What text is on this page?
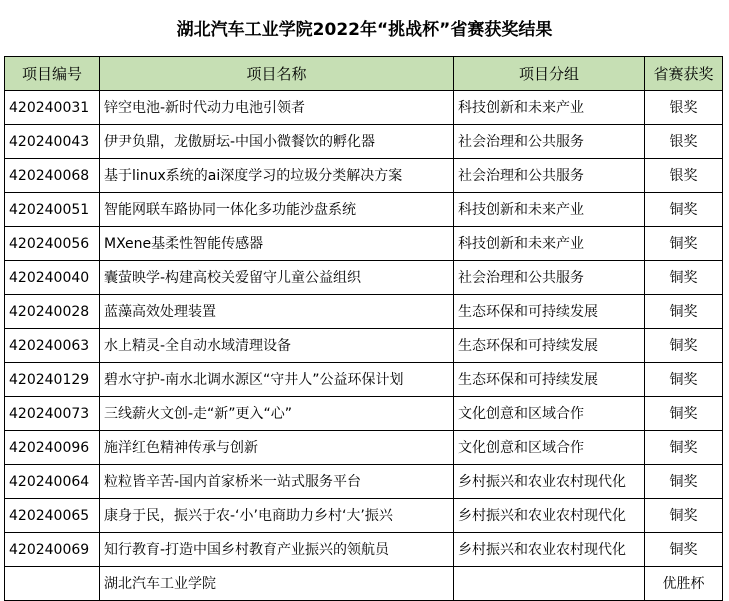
湖北汽车工业学院2022年“挑战杯”省赛获奖结果
项目编号	项目名称	项目分组	省赛获奖
420240031	锌空电池-新时代动力电池引领者	科技创新和未来产业	银奖
420240043	伊尹负鼎，龙傲厨坛-中国小微餐饮的孵化器	社会治理和公共服务	银奖
420240068	基于linux系统的ai深度学习的垃圾分类解决方案	社会治理和公共服务	银奖
420240051	智能网联车路协同一体化多功能沙盘系统	科技创新和未来产业	铜奖
420240056	MXene基柔性智能传感器	科技创新和未来产业	铜奖
420240040	囊萤映学-构建高校关爱留守儿童公益组织	社会治理和公共服务	铜奖
420240028	蓝藻高效处理装置	生态环保和可持续发展	铜奖
420240063	水上精灵-全自动水域清理设备	生态环保和可持续发展	铜奖
420240129	碧水守护-南水北调水源区“守井人”公益环保计划	生态环保和可持续发展	铜奖
420240073	三线薪火文创-走“新”更入“心”	文化创意和区域合作	铜奖
420240096	施洋红色精神传承与创新	文化创意和区域合作	铜奖
420240064	粒粒皆辛苦-国内首家桥米一站式服务平台	乡村振兴和农业农村现代化	铜奖
420240065	康身于民，振兴于农-‘小’电商助力乡村‘大’振兴	乡村振兴和农业农村现代化	铜奖
420240069	知行教育-打造中国乡村教育产业振兴的领航员	乡村振兴和农业农村现代化	铜奖
	湖北汽车工业学院		优胜杯
